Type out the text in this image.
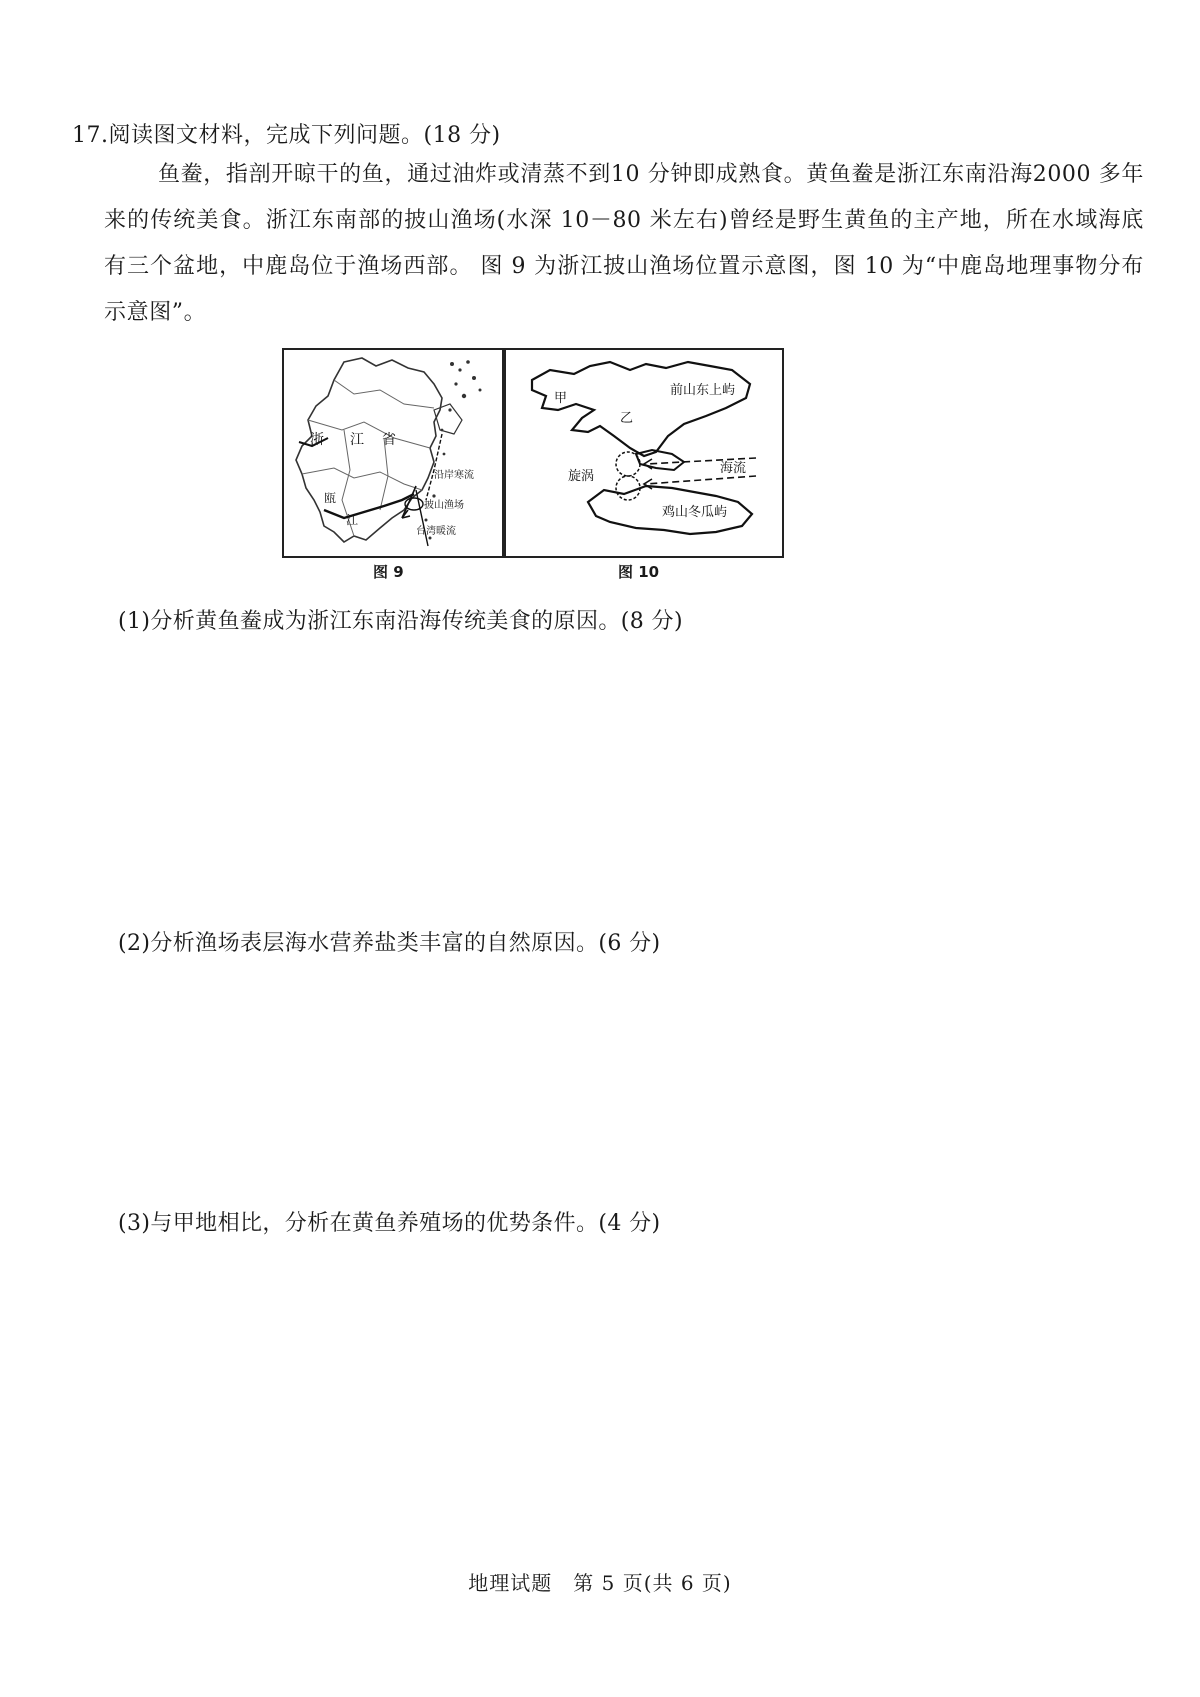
17.阅读图文材料，完成下列问题。(18 分)
鱼鲞，指剖开晾干的鱼，通过油炸或清蒸不到10 分钟即成熟食。黄鱼鲞是浙江东南沿海2000 多年来的传统美食。浙江东南部的披山渔场(水深 10－80 米左右)曾经是野生黄鱼的主产地，所在水域海底有三个盆地，中鹿岛位于渔场西部。 图 9 为浙江披山渔场位置示意图，图 10 为“中鹿岛地理事物分布示意图”。
浙 江 省
瓯
江
沿岸寒流
披山渔场
台湾暖流
图 9
甲
乙
前山东上屿
旋涡
海流
鸡山冬瓜屿
图 10
(1)分析黄鱼鲞成为浙江东南沿海传统美食的原因。(8 分)
(2)分析渔场表层海水营养盐类丰富的自然原因。(6 分)
(3)与甲地相比，分析在黄鱼养殖场的优势条件。(4 分)
地理试题　第 5 页(共 6 页)
